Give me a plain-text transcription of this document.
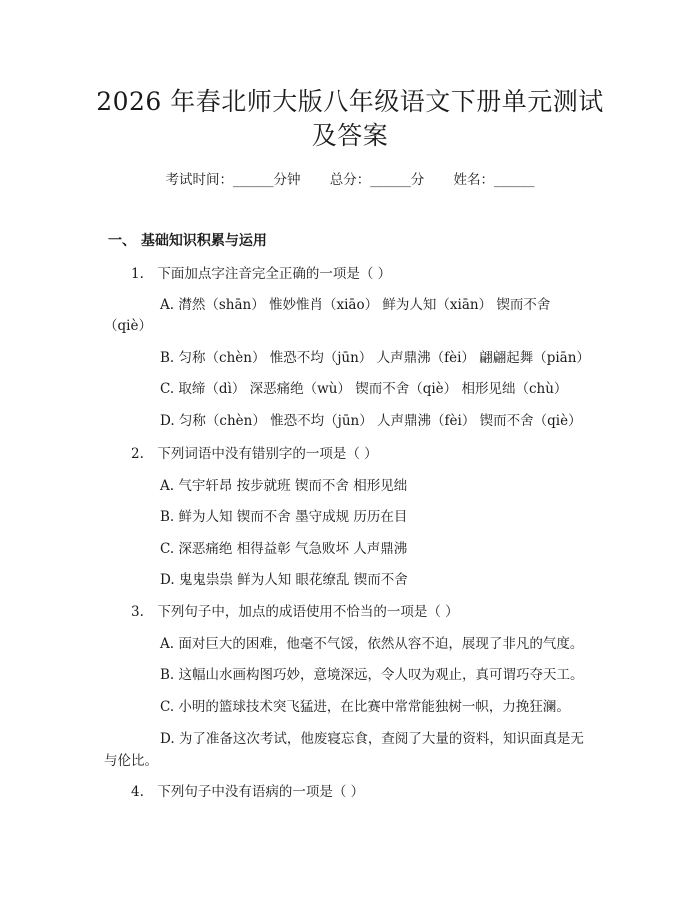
2026 年春北师大版八年级语文下册单元测试
及答案
考试时间：______分钟 总分：______分 姓名：______
一、 基础知识积累与运用
1.　下面加点字注音完全正确的一项是（ ）
A. 潸然（shān） 惟妙惟肖（xiāo） 鲜为人知（xiān） 锲而不舍
（qiè）
B. 匀称（chèn） 惟恐不均（jūn） 人声鼎沸（fèi） 翩翩起舞（piān）
C. 取缔（dì） 深恶痛绝（wù） 锲而不舍（qiè） 相形见绌（chù）
D. 匀称（chèn） 惟恐不均（jūn） 人声鼎沸（fèi） 锲而不舍（qiè）
2.　下列词语中没有错别字的一项是（ ）
A. 气宇轩昂 按步就班 锲而不舍 相形见绌
B. 鲜为人知 锲而不舍 墨守成规 历历在目
C. 深恶痛绝 相得益彰 气急败坏 人声鼎沸
D. 鬼鬼祟祟 鲜为人知 眼花缭乱 锲而不舍
3.　下列句子中，加点的成语使用不恰当的一项是（ ）
A. 面对巨大的困难，他毫不气馁，依然从容不迫，展现了非凡的气度。
B. 这幅山水画构图巧妙，意境深远，令人叹为观止，真可谓巧夺天工。
C. 小明的篮球技术突飞猛进，在比赛中常常能独树一帜，力挽狂澜。
D. 为了准备这次考试，他废寝忘食，查阅了大量的资料，知识面真是无
与伦比。
4.　下列句子中没有语病的一项是（ ）
